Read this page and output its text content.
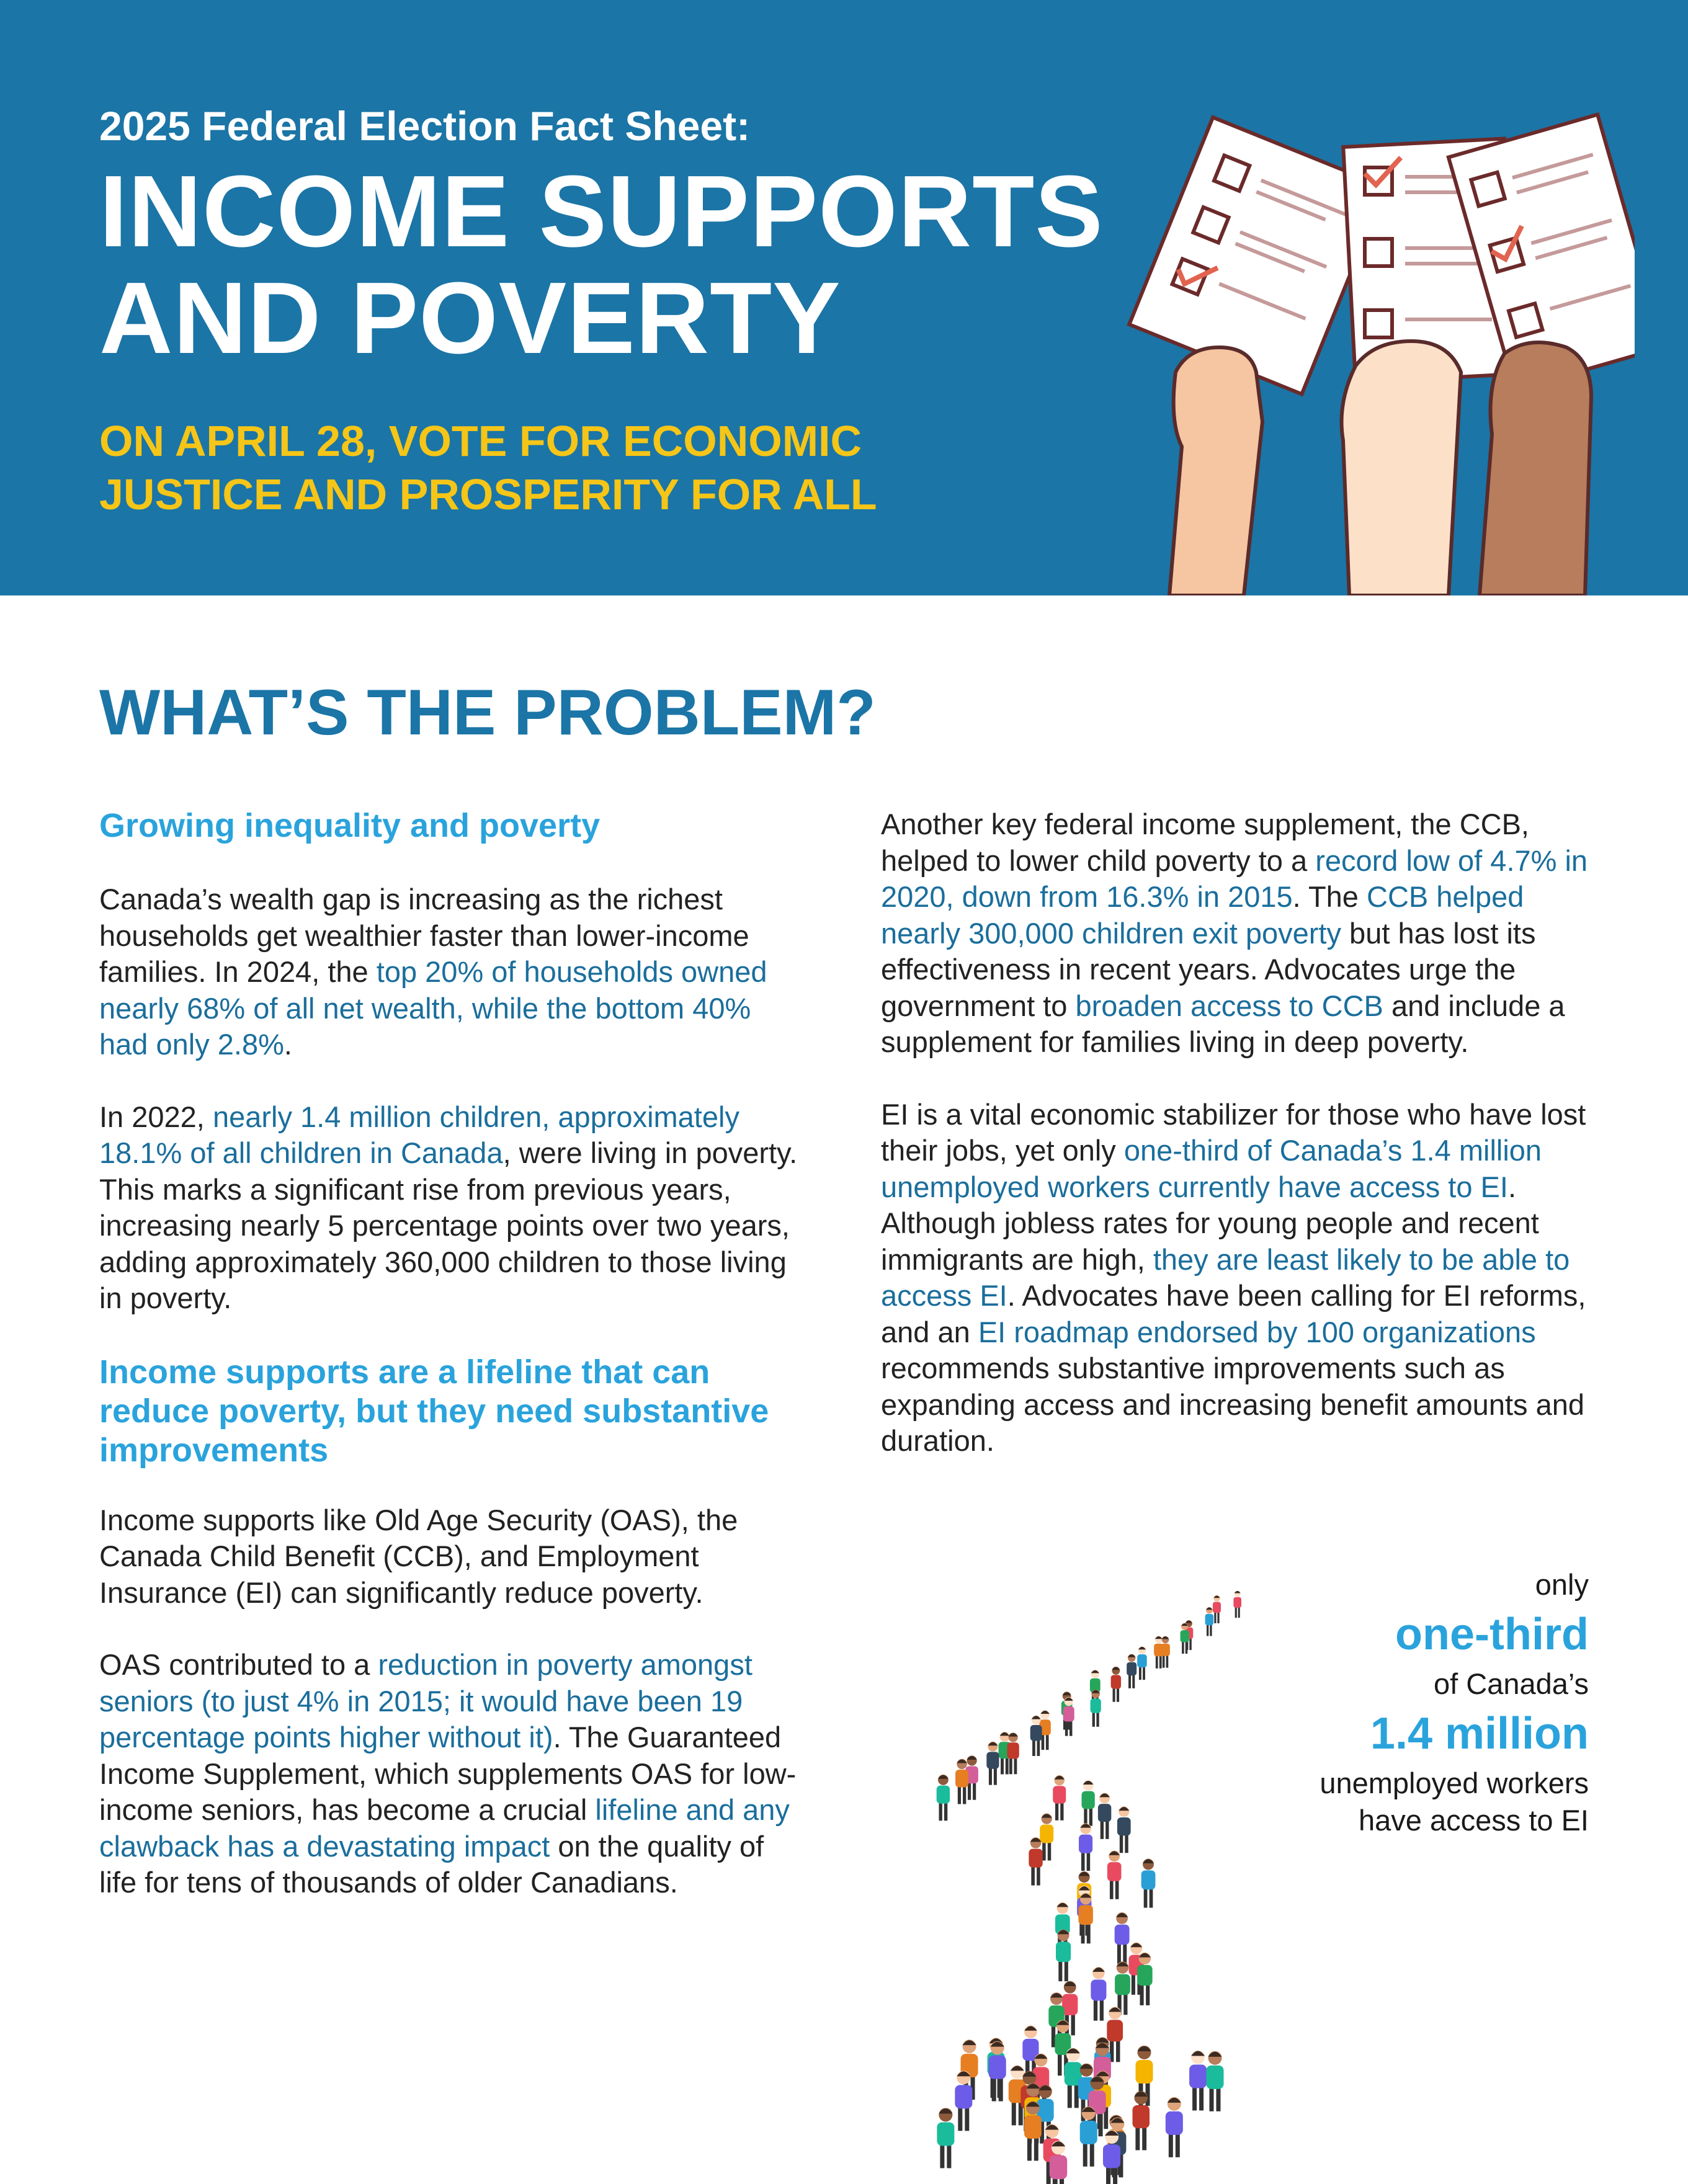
2025 Federal Election Fact Sheet:
INCOME SUPPORTS
AND POVERTY
ON APRIL 28, VOTE FOR ECONOMIC
JUSTICE AND PROSPERITY FOR ALL
WHAT’S THE PROBLEM?
Growing inequality and poverty

Canada’s wealth gap is increasing as the richest households get wealthier faster than lower-income families. In 2024, the top 20% of households owned nearly 68% of all net wealth, while the bottom 40% had only 2.8%.

In 2022, nearly 1.4 million children, approximately 18.1% of all children in Canada, were living in poverty. This marks a significant rise from previous years, increasing nearly 5 percentage points over two years, adding approximately 360,000 children to those living in poverty.

Income supports are a lifeline that can reduce poverty, but they need substantive improvements

Income supports like Old Age Security (OAS), the Canada Child Benefit (CCB), and Employment Insurance (EI) can significantly reduce poverty.

OAS contributed to a reduction in poverty amongst seniors (to just 4% in 2015; it would have been 19 percentage points higher without it). The Guaranteed Income Supplement, which supplements OAS for low-income seniors, has become a crucial lifeline and any clawback has a devastating impact on the quality of life for tens of thousands of older Canadians.

Another key federal income supplement, the CCB, helped to lower child poverty to a record low of 4.7% in 2020, down from 16.3% in 2015. The CCB helped nearly 300,000 children exit poverty but has lost its effectiveness in recent years. Advocates urge the government to broaden access to CCB and include a supplement for families living in deep poverty.

EI is a vital economic stabilizer for those who have lost their jobs, yet only one-third of Canada’s 1.4 million unemployed workers currently have access to EI. Although jobless rates for young people and recent immigrants are high, they are least likely to be able to access EI. Advocates have been calling for EI reforms, and an EI roadmap endorsed by 100 organizations recommends substantive improvements such as expanding access and increasing benefit amounts and duration.

only
one-third
of Canada’s
1.4 million
unemployed workers
have access to EI
